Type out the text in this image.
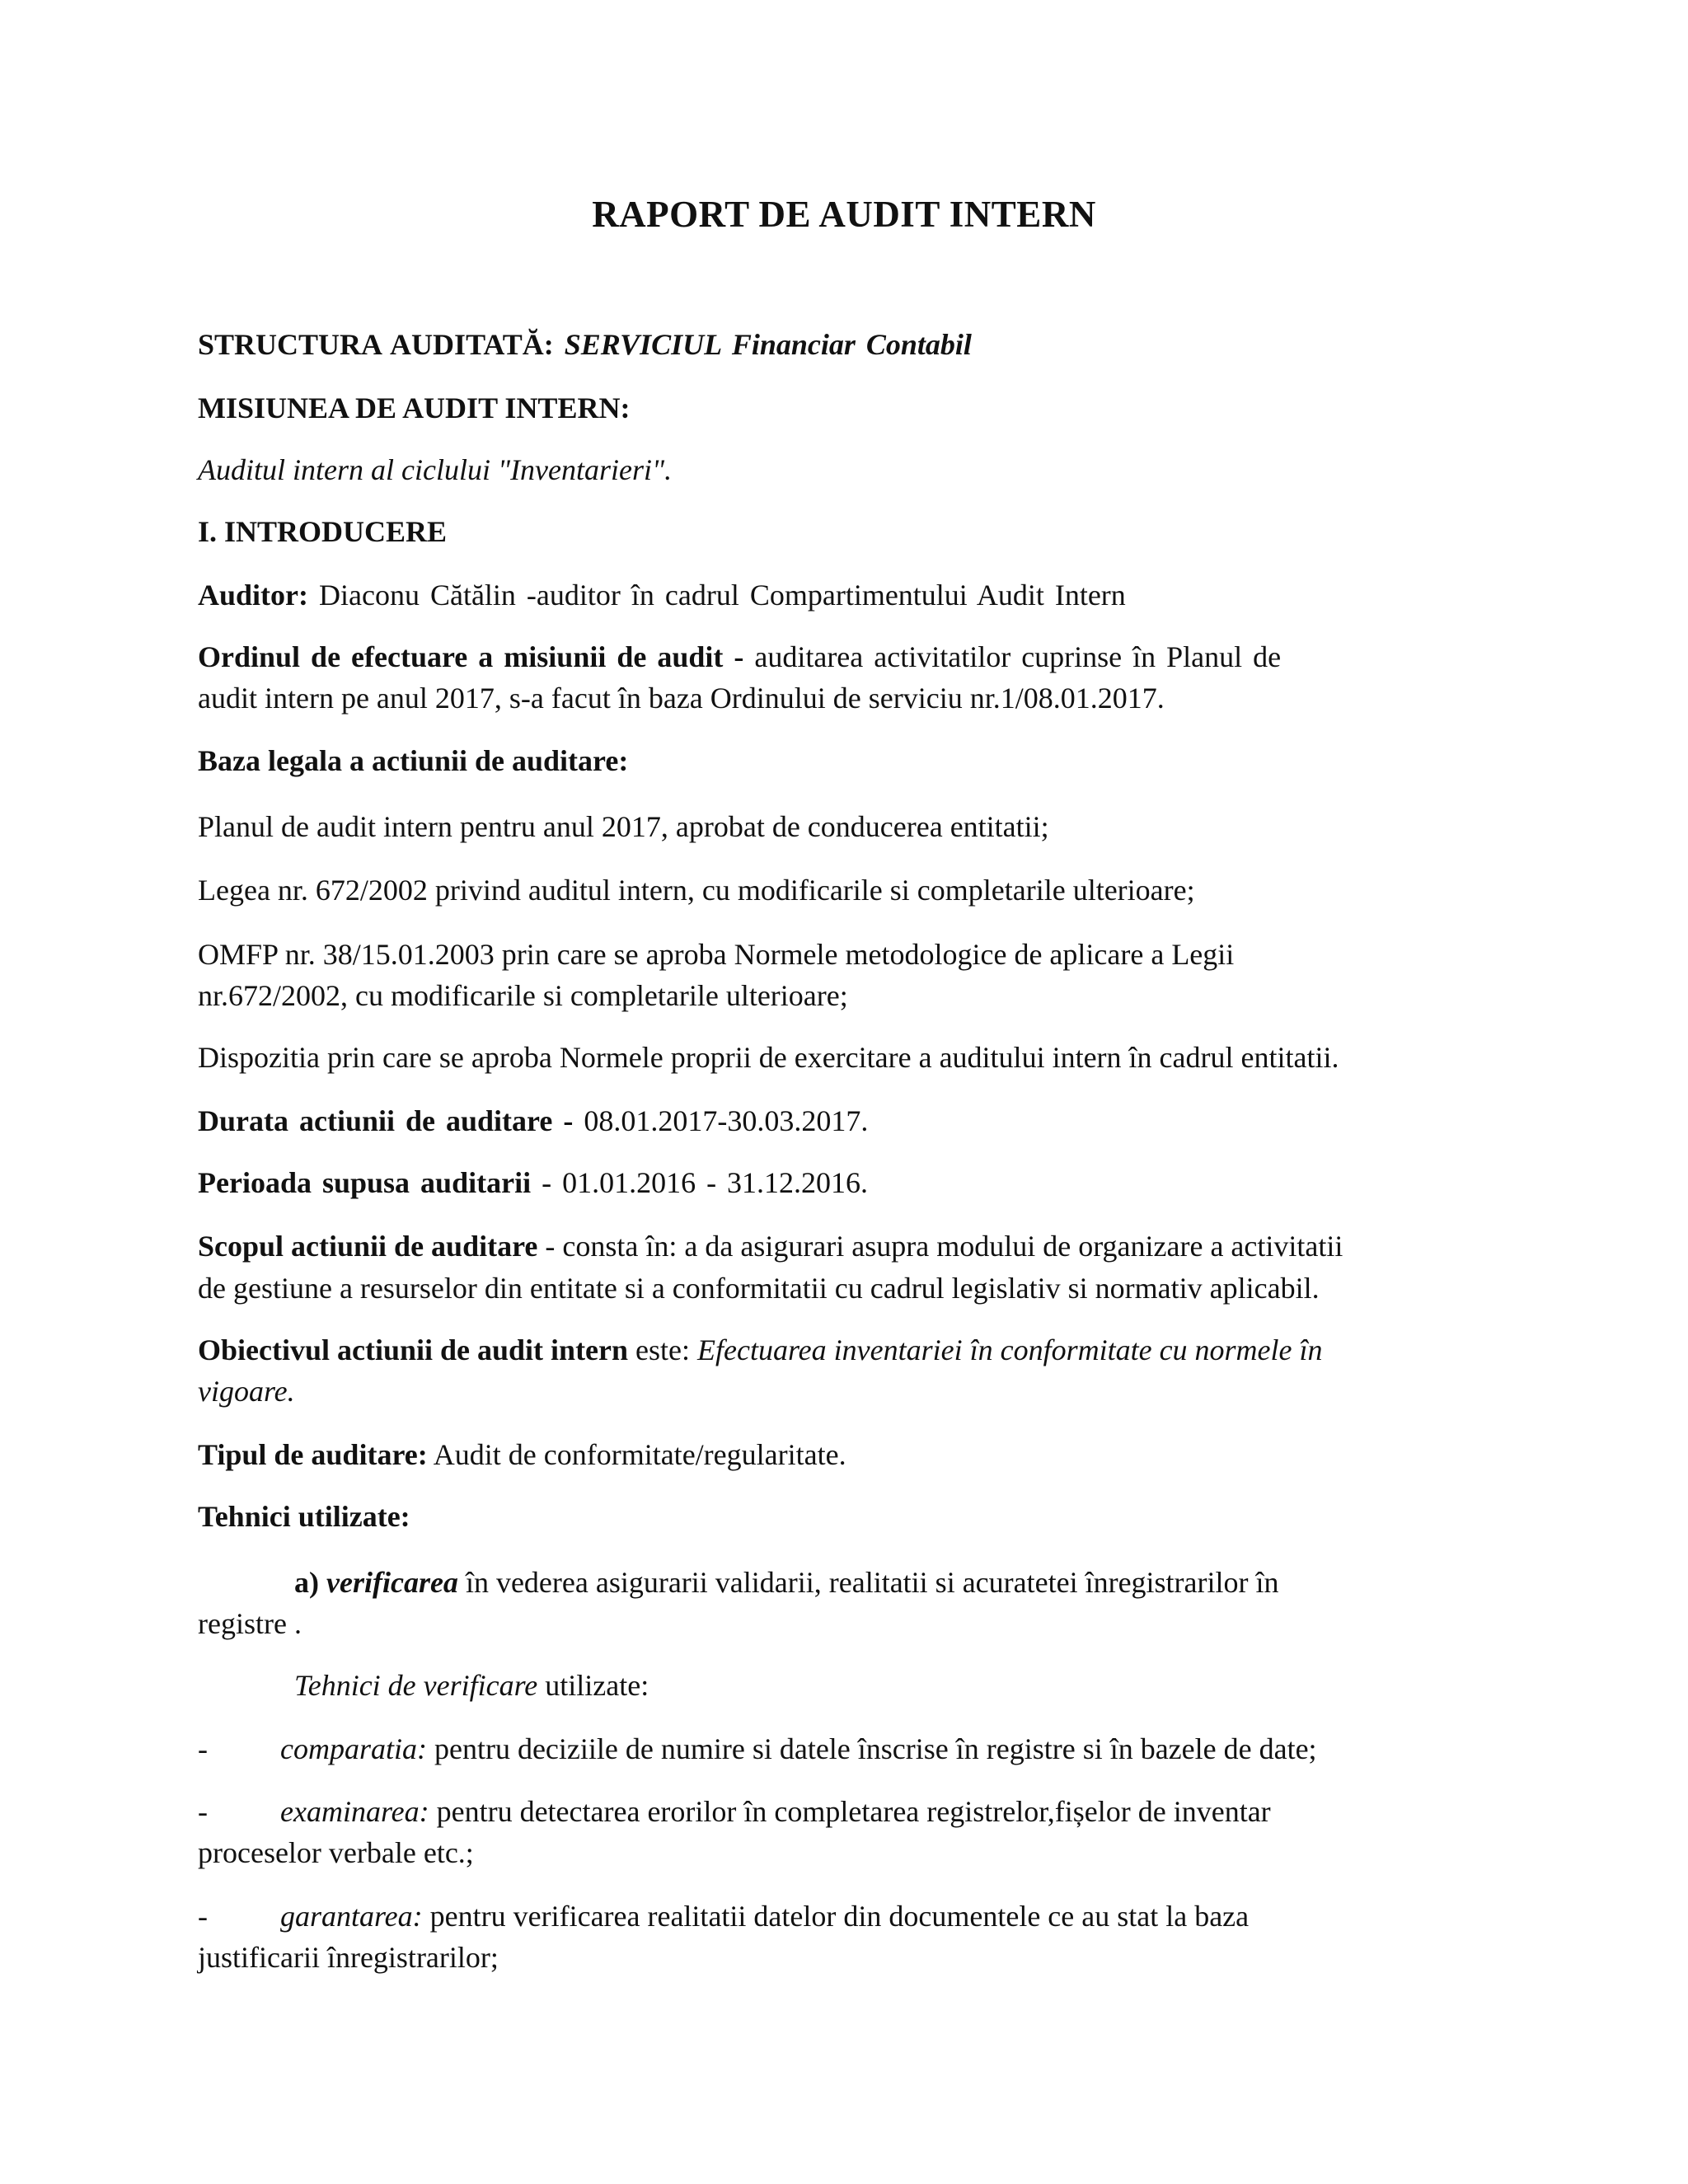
RAPORT DE AUDIT INTERN
STRUCTURA AUDITATĂ: SERVICIUL Financiar Contabil
MISIUNEA DE AUDIT INTERN:
Auditul intern al ciclului "Inventarieri".
I. INTRODUCERE
Auditor: Diaconu Cătălin -auditor în cadrul Compartimentului Audit Intern
Ordinul de efectuare a misiunii de audit - auditarea activitatilor cuprinse în Planul de
audit intern pe anul 2017, s-a facut în baza Ordinului de serviciu nr.1/08.01.2017.
Baza legala a actiunii de auditare:
Planul de audit intern pentru anul 2017, aprobat de conducerea entitatii;
Legea nr. 672/2002 privind auditul intern, cu modificarile si completarile ulterioare;
OMFP nr. 38/15.01.2003 prin care se aproba Normele metodologice de aplicare a Legii
nr.672/2002, cu modificarile si completarile ulterioare;
Dispozitia prin care se aproba Normele proprii de exercitare a auditului intern în cadrul entitatii.
Durata actiunii de auditare - 08.01.2017-30.03.2017.
Perioada supusa auditarii - 01.01.2016 - 31.12.2016.
Scopul actiunii de auditare - consta în: a da asigurari asupra modului de organizare a activitatii
de gestiune a resurselor din entitate si a conformitatii cu cadrul legislativ si normativ aplicabil.
Obiectivul actiunii de audit intern este: Efectuarea inventariei în conformitate cu normele în
vigoare.
Tipul de auditare: Audit de conformitate/regularitate.
Tehnici utilizate:
a) verificarea în vederea asigurarii validarii, realitatii si acuratetei înregistrarilor în
registre .
Tehnici de verificare utilizate:
- comparatia: pentru deciziile de numire si datele înscrise în registre si în bazele de date;
- examinarea: pentru detectarea erorilor în completarea registrelor,fișelor de inventar
proceselor verbale etc.;
- garantarea: pentru verificarea realitatii datelor din documentele ce au stat la baza
justificarii înregistrarilor;
